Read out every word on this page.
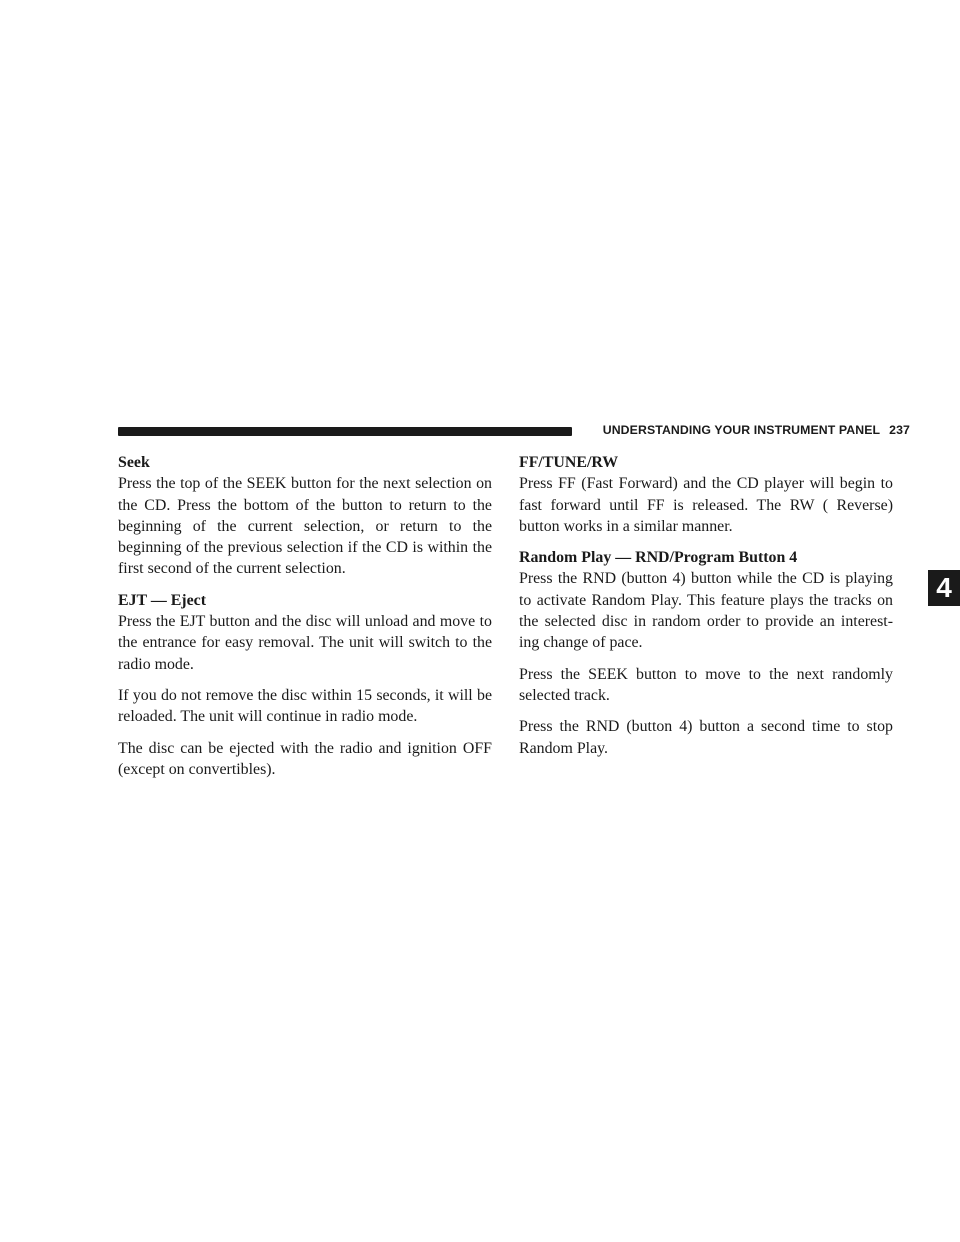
UNDERSTANDING YOUR INSTRUMENT PANEL 237
4
Seek

Press the top of the SEEK button for the next selection on the CD. Press the bottom of the button to return to the beginning of the current selection, or return to the beginning of the previous selection if the CD is within the first second of the current selection.

EJT — Eject

Press the EJT button and the disc will unload and move to the entrance for easy removal. The unit will switch to the radio mode.

If you do not remove the disc within 15 seconds, it will be reloaded. The unit will continue in radio mode.

The disc can be ejected with the radio and ignition OFF (except on convertibles).

FF/TUNE/RW

Press FF (Fast Forward) and the CD player will begin to fast forward until FF is released. The RW ( Reverse) button works in a similar manner.

Random Play — RND/Program Button 4

Press the RND (button 4) button while the CD is playing to activate Random Play. This feature plays the tracks on the selected disc in random order to provide an interest-ing change of pace.

Press the SEEK button to move to the next randomly selected track.

Press the RND (button 4) button a second time to stop Random Play.
